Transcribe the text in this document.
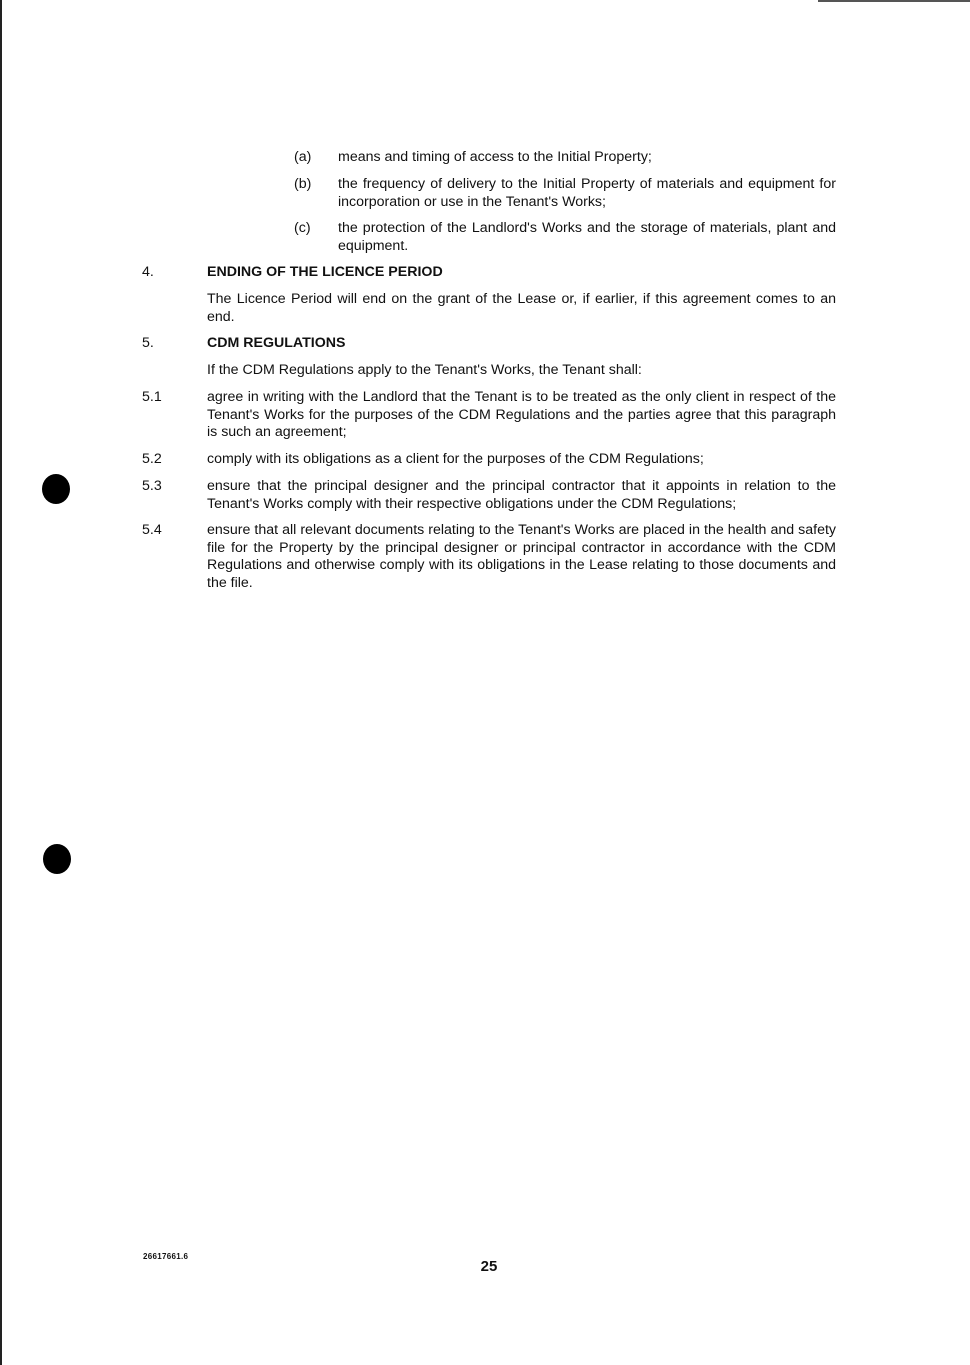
(a) means and timing of access to the Initial Property;
(b) the frequency of delivery to the Initial Property of materials and equipment for incorporation or use in the Tenant's Works;
(c) the protection of the Landlord's Works and the storage of materials, plant and equipment.
4.	ENDING OF THE LICENCE PERIOD
The Licence Period will end on the grant of the Lease or, if earlier, if this agreement comes to an end.
5.	CDM REGULATIONS
If the CDM Regulations apply to the Tenant's Works, the Tenant shall:
5.1	agree in writing with the Landlord that the Tenant is to be treated as the only client in respect of the Tenant's Works for the purposes of the CDM Regulations and the parties agree that this paragraph is such an agreement;
5.2	comply with its obligations as a client for the purposes of the CDM Regulations;
5.3	ensure that the principal designer and the principal contractor that it appoints in relation to the Tenant's Works comply with their respective obligations under the CDM Regulations;
5.4	ensure that all relevant documents relating to the Tenant's Works are placed in the health and safety file for the Property by the principal designer or principal contractor in accordance with the CDM Regulations and otherwise comply with its obligations in the Lease relating to those documents and the file.
26617661.6
25
